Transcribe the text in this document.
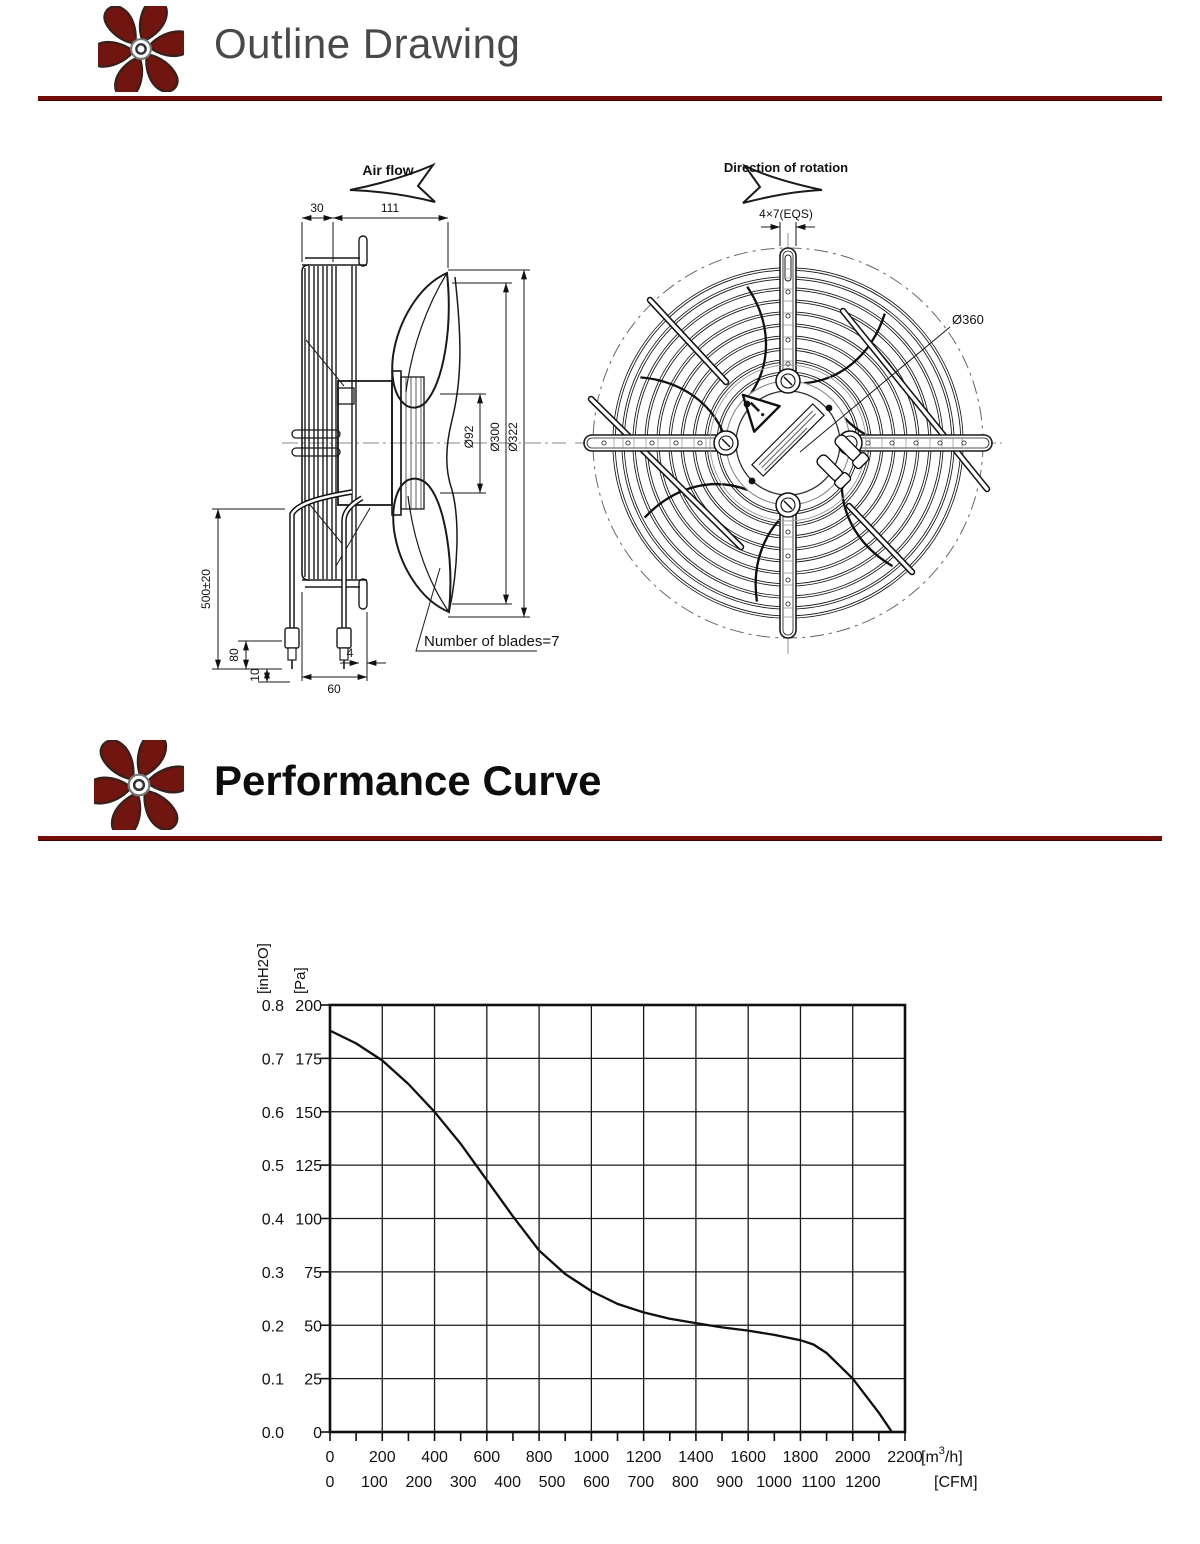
Outline Drawing
Air flow
30	111
Ø92 Ø300 Ø322
500±20
80
10
4
60
Number of blades=7
Direction of rotation
4×7(EQS)
Ø360
Performance Curve
200
0.8
175
0.7
150
0.6
125
0.5
100
0.4
75
0.3
50
0.2
25
0.1
0
0.0
0 200 400 600 800 1000 1200 1400 1600 1800 2000 2200
0 100 200 300 400 500 600 700 800 900 1000 1100 1200
$[m^3/h]$
[CFM]
[inH2O] [Pa]
